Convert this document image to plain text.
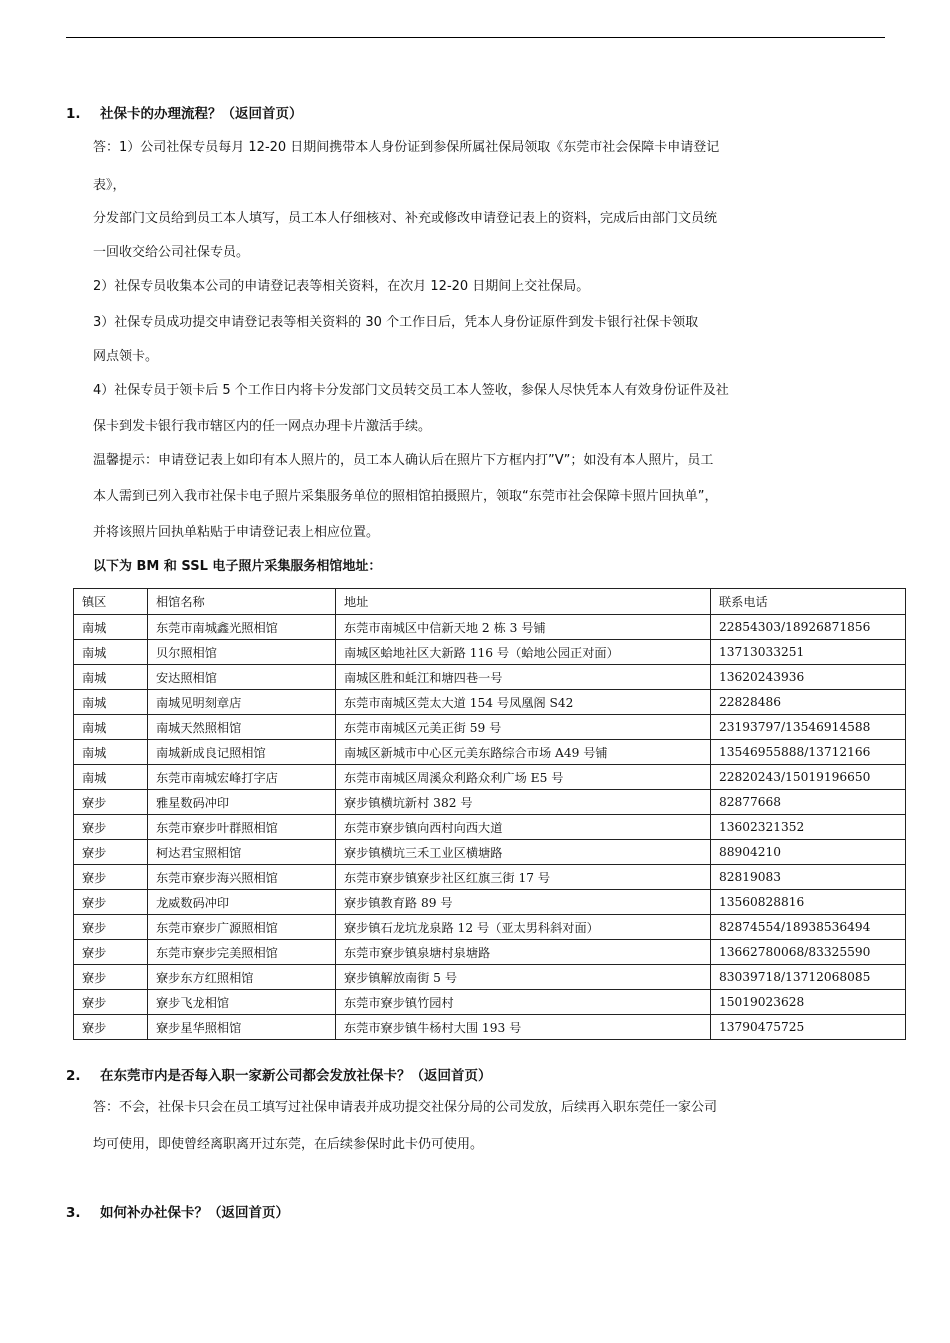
1. 社保卡的办理流程？（返回首页）
答：1）公司社保专员每月 12-20 日期间携带本人身份证到参保所属社保局领取《东莞市社会保障卡申请登记
表》，
分发部门文员给到员工本人填写，员工本人仔细核对、补充或修改申请登记表上的资料，完成后由部门文员统
一回收交给公司社保专员。
2）社保专员收集本公司的申请登记表等相关资料，在次月 12-20 日期间上交社保局。
3）社保专员成功提交申请登记表等相关资料的 30 个工作日后，凭本人身份证原件到发卡银行社保卡领取
网点领卡。
4）社保专员于领卡后 5 个工作日内将卡分发部门文员转交员工本人签收，参保人尽快凭本人有效身份证件及社
保卡到发卡银行我市辖区内的任一网点办理卡片激活手续。
温馨提示：申请登记表上如印有本人照片的，员工本人确认后在照片下方框内打”V”；如没有本人照片，员工
本人需到已列入我市社保卡电子照片采集服务单位的照相馆拍摄照片，领取“东莞市社会保障卡照片回执单”，
并将该照片回执单粘贴于申请登记表上相应位置。
以下为 BM 和 SSL 电子照片采集服务相馆地址：
镇区	相馆名称	地址	联系电话
南城	东莞市南城鑫光照相馆	东莞市南城区中信新天地 2 栋 3 号铺	22854303/18926871856
南城	贝尔照相馆	南城区蛤地社区大新路 116 号（蛤地公园正对面）	13713033251
南城	安达照相馆	南城区胜和蚝江和塘四巷一号	13620243936
南城	南城见明刻章店	东莞市南城区莞太大道 154 号凤凰阁 S42	22828486
南城	南城天然照相馆	东莞市南城区元美正街 59 号	23193797/13546914588
南城	南城新成良记照相馆	南城区新城市中心区元美东路综合市场 A49 号铺	13546955888/13712166
南城	东莞市南城宏峰打字店	东莞市南城区周溪众利路众利广场 E5 号	22820243/15019196650
寮步	雅星数码冲印	寮步镇横坑新村 382 号	82877668
寮步	东莞市寮步叶群照相馆	东莞市寮步镇向西村向西大道	13602321352
寮步	柯达君宝照相馆	寮步镇横坑三禾工业区横塘路	88904210
寮步	东莞市寮步海兴照相馆	东莞市寮步镇寮步社区红旗三街 17 号	82819083
寮步	龙威数码冲印	寮步镇教育路 89 号	13560828816
寮步	东莞市寮步广源照相馆	寮步镇石龙坑龙泉路 12 号（亚太男科斜对面）	82874554/18938536494
寮步	东莞市寮步完美照相馆	东莞市寮步镇泉塘村泉塘路	13662780068/83325590
寮步	寮步东方红照相馆	寮步镇解放南街 5 号	83039718/13712068085
寮步	寮步飞龙相馆	东莞市寮步镇竹园村	15019023628
寮步	寮步星华照相馆	东莞市寮步镇牛杨村大围 193 号	13790475725
2. 在东莞市内是否每入职一家新公司都会发放社保卡？（返回首页）
答：不会，社保卡只会在员工填写过社保申请表并成功提交社保分局的公司发放，后续再入职东莞任一家公司
均可使用，即使曾经离职离开过东莞，在后续参保时此卡仍可使用。
3. 如何补办社保卡？（返回首页）
